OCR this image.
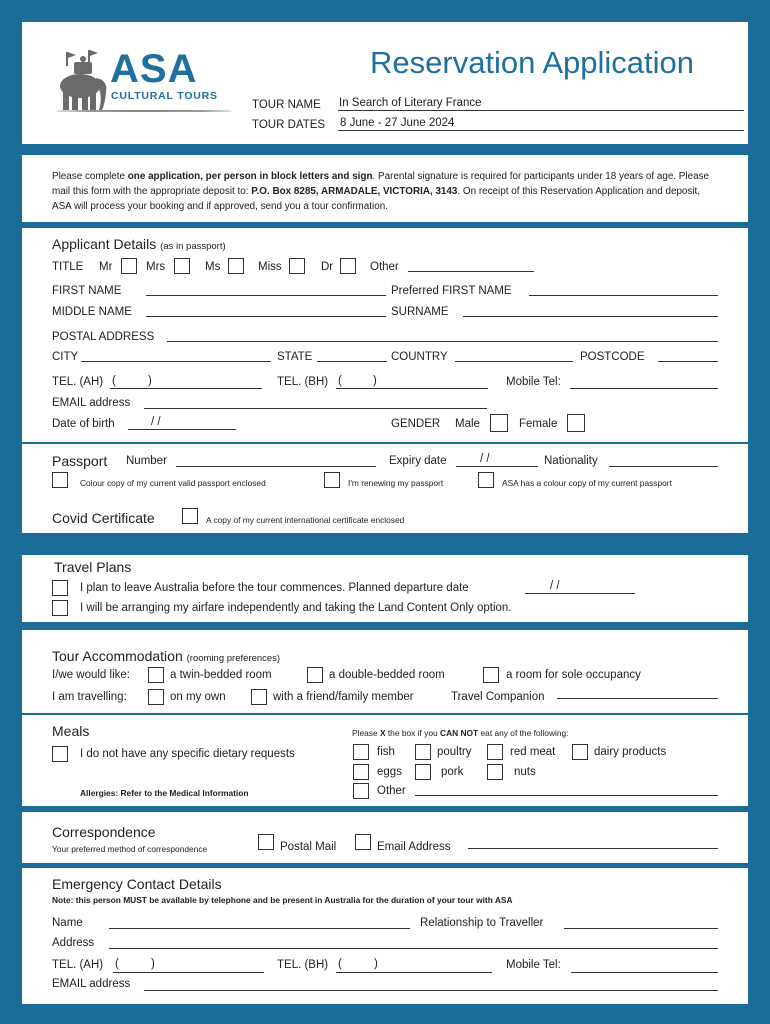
ASA
CULTURAL TOURS
Reservation Application
TOUR NAME In Search of Literary France
TOUR DATES 8 June - 27 June 2024
Please complete one application, per person in block letters and sign. Parental signature is required for participants under 18 years of age. Please mail this form with the appropriate deposit to: P.O. Box 8285, ARMADALE, VICTORIA, 3143. On receipt of this Reservation Application and deposit, ASA will process your booking and if approved, send you a tour confirmation.
Applicant Details (as in passport)
TITLE Mr	Mrs	Ms	Miss	Dr	Other
FIRST NAME	Preferred FIRST NAME
MIDDLE NAME	SURNAME
POSTAL ADDRESS
CITY	STATE	COUNTRY	POSTCODE
TEL. (AH) (	)	TEL. (BH) (	)	Mobile Tel:
EMAIL address
Date of birth	/ /	GENDER Male	Female
Passport Number	Expiry date	/ /	Nationality
Colour copy of my current valid passport enclosed	I'm renewing my passport	ASA has a colour copy of my current passport
Covid Certificate	A copy of my current international certificate enclosed
Travel Plans
I plan to leave Australia before the tour commences. Planned departure date	/ /
I will be arranging my airfare independently and taking the Land Content Only option.
Tour Accommodation (rooming preferences)
I/we would like:	a twin-bedded room	a double-bedded room	a room for sole occupancy
I am travelling:	on my own	with a friend/family member	Travel Companion
Meals	Please X the box if you CAN NOT eat any of the following:
I do not have any specific dietary requests	fish	poultry	red meat	dairy products
eggs	pork	nuts
Allergies: Refer to the Medical Information	Other
Correspondence
Your preferred method of correspondence	Postal Mail	Email Address
Emergency Contact Details
Note: this person MUST be available by telephone and be present in Australia for the duration of your tour with ASA
Name	Relationship to Traveller
Address
TEL. (AH) (	)	TEL. (BH) (	)	Mobile Tel:
EMAIL address
